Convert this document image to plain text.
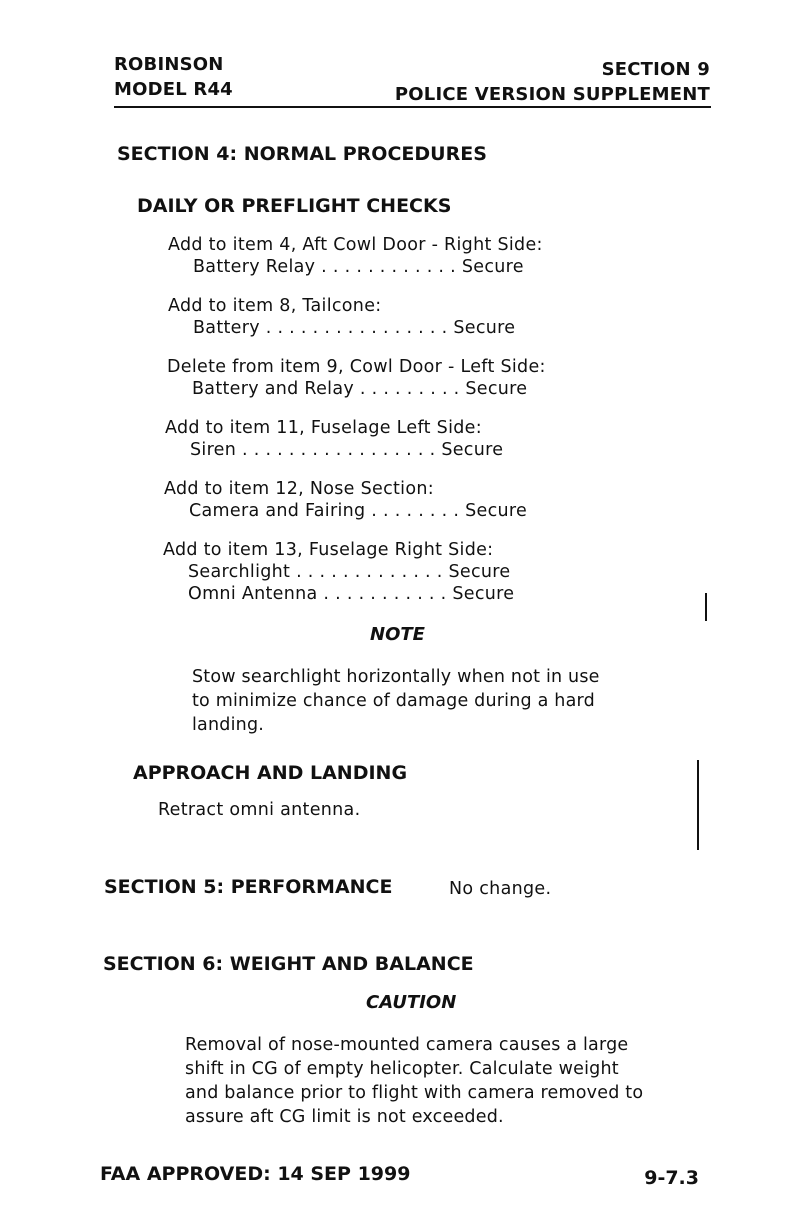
ROBINSON
MODEL R44
SECTION 9
POLICE VERSION SUPPLEMENT
SECTION 4: NORMAL PROCEDURES
DAILY OR PREFLIGHT CHECKS
Add to item 4, Aft Cowl Door - Right Side:
Battery Relay . . . . . . . . . . . . Secure
Add to item 8, Tailcone:
Battery . . . . . . . . . . . . . . . . Secure
Delete from item 9, Cowl Door - Left Side:
Battery and Relay . . . . . . . . . Secure
Add to item 11, Fuselage Left Side:
Siren . . . . . . . . . . . . . . . . . Secure
Add to item 12, Nose Section:
Camera and Fairing . . . . . . . . Secure
Add to item 13, Fuselage Right Side:
Searchlight . . . . . . . . . . . . . Secure
Omni Antenna . . . . . . . . . . . Secure
NOTE
Stow searchlight horizontally when not in use
to minimize chance of damage during a hard
landing.
APPROACH AND LANDING
Retract omni antenna.
SECTION 5: PERFORMANCE	No change.
SECTION 6: WEIGHT AND BALANCE
CAUTION
Removal of nose-mounted camera causes a large
shift in CG of empty helicopter. Calculate weight
and balance prior to flight with camera removed to
assure aft CG limit is not exceeded.
FAA APPROVED: 14 SEP 1999	9-7.3
